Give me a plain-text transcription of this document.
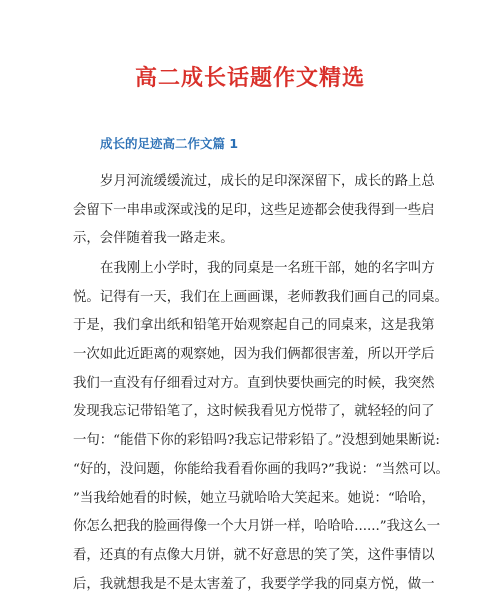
高二成长话题作文精选
成长的足迹高二作文篇 1
岁月河流缓缓流过，成长的足印深深留下，成长的路上总
会留下一串串或深或浅的足印，这些足迹都会使我得到一些启
示，会伴随着我一路走来。
在我刚上小学时，我的同桌是一名班干部，她的名字叫方
悦。记得有一天，我们在上画画课，老师教我们画自己的同桌。
于是，我们拿出纸和铅笔开始观察起自己的同桌来，这是我第
一次如此近距离的观察她，因为我们俩都很害羞，所以开学后
我们一直没有仔细看过对方。直到快要快画完的时候，我突然
发现我忘记带铅笔了，这时候我看见方悦带了，就轻轻的问了
一句：“能借下你的彩铅吗?我忘记带彩铅了。”没想到她果断说:
“好的，没问题，你能给我看看你画的我吗?”我说：“当然可以。
”当我给她看的时候，她立马就哈哈大笑起来。她说：“哈哈，
你怎么把我的脸画得像一个大月饼一样，哈哈哈......”我这么一
看，还真的有点像大月饼，就不好意思的笑了笑，这件事情以
后，我就想我是不是太害羞了，我要学学我的同桌方悦，做一
